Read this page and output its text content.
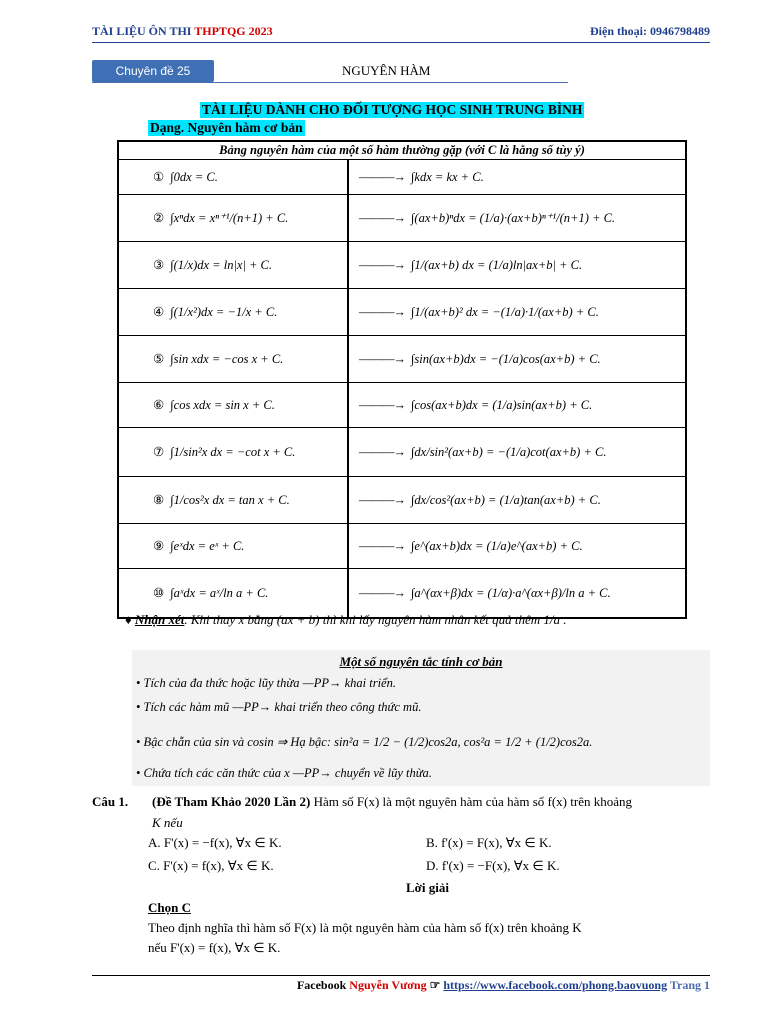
TÀI LIỆU ÔN THI THPTQG 2023	Điện thoại: 0946798489
Chuyên đề 25	NGUYÊN HÀM
TÀI LIỆU DÀNH CHO ĐỐI TƯỢNG HỌC SINH TRUNG BÌNH
Dạng. Nguyên hàm cơ bản
Bảng nguyên hàm của một số hàm thường gặp (với C là hằng số tùy ý)
① ∫0dx = C.	———→ ∫kdx = kx + C.
② ∫xⁿdx = xⁿ⁺¹/(n+1) + C.	———→ ∫(ax+b)ⁿdx = (1/a)·(ax+b)ⁿ⁺¹/(n+1) + C.
③ ∫(1/x)dx = ln|x| + C.	———→ ∫1/(ax+b) dx = (1/a)ln|ax+b| + C.
④ ∫(1/x²)dx = −1/x + C.	———→ ∫1/(ax+b)² dx = −(1/a)·1/(ax+b) + C.
⑤ ∫sin xdx = −cos x + C.	———→ ∫sin(ax+b)dx = −(1/a)cos(ax+b) + C.
⑥ ∫cos xdx = sin x + C.	———→ ∫cos(ax+b)dx = (1/a)sin(ax+b) + C.
⑦ ∫1/sin²x dx = −cot x + C.	———→ ∫dx/sin²(ax+b) = −(1/a)cot(ax+b) + C.
⑧ ∫1/cos²x dx = tan x + C.	———→ ∫dx/cos²(ax+b) = (1/a)tan(ax+b) + C.
⑨ ∫eˣdx = eˣ + C.	———→ ∫e^(ax+b)dx = (1/a)e^(ax+b) + C.
⑩ ∫aˣdx = aˣ/ln a + C.	———→ ∫a^(αx+β)dx = (1/α)·a^(αx+β)/ln a + C.
♦ Nhận xét. Khi thay x bằng (ax + b) thì khi lấy nguyên hàm nhân kết quả thêm 1/a .
Một số nguyên tắc tính cơ bản
• Tích của đa thức hoặc lũy thừa —PP→ khai triển.
• Tích các hàm mũ —PP→ khai triển theo công thức mũ.
• Bậc chẵn của sin và cosin ⇒ Hạ bậc: sin²a = 1/2 − (1/2)cos2a, cos²a = 1/2 + (1/2)cos2a.
• Chứa tích các căn thức của x —PP→ chuyển về lũy thừa.
Câu 1. (Đề Tham Khảo 2020 Lần 2) Hàm số F(x) là một nguyên hàm của hàm số f(x) trên khoảng
K nếu
A. F'(x) = −f(x), ∀x ∈ K.	B. f'(x) = F(x), ∀x ∈ K.
C. F'(x) = f(x), ∀x ∈ K.	D. f'(x) = −F(x), ∀x ∈ K.
Lời giải
Chọn C
Theo định nghĩa thì hàm số F(x) là một nguyên hàm của hàm số f(x) trên khoảng K
nếu F'(x) = f(x), ∀x ∈ K.
Facebook Nguyễn Vương ☞ https://www.facebook.com/phong.baovuong Trang 1
